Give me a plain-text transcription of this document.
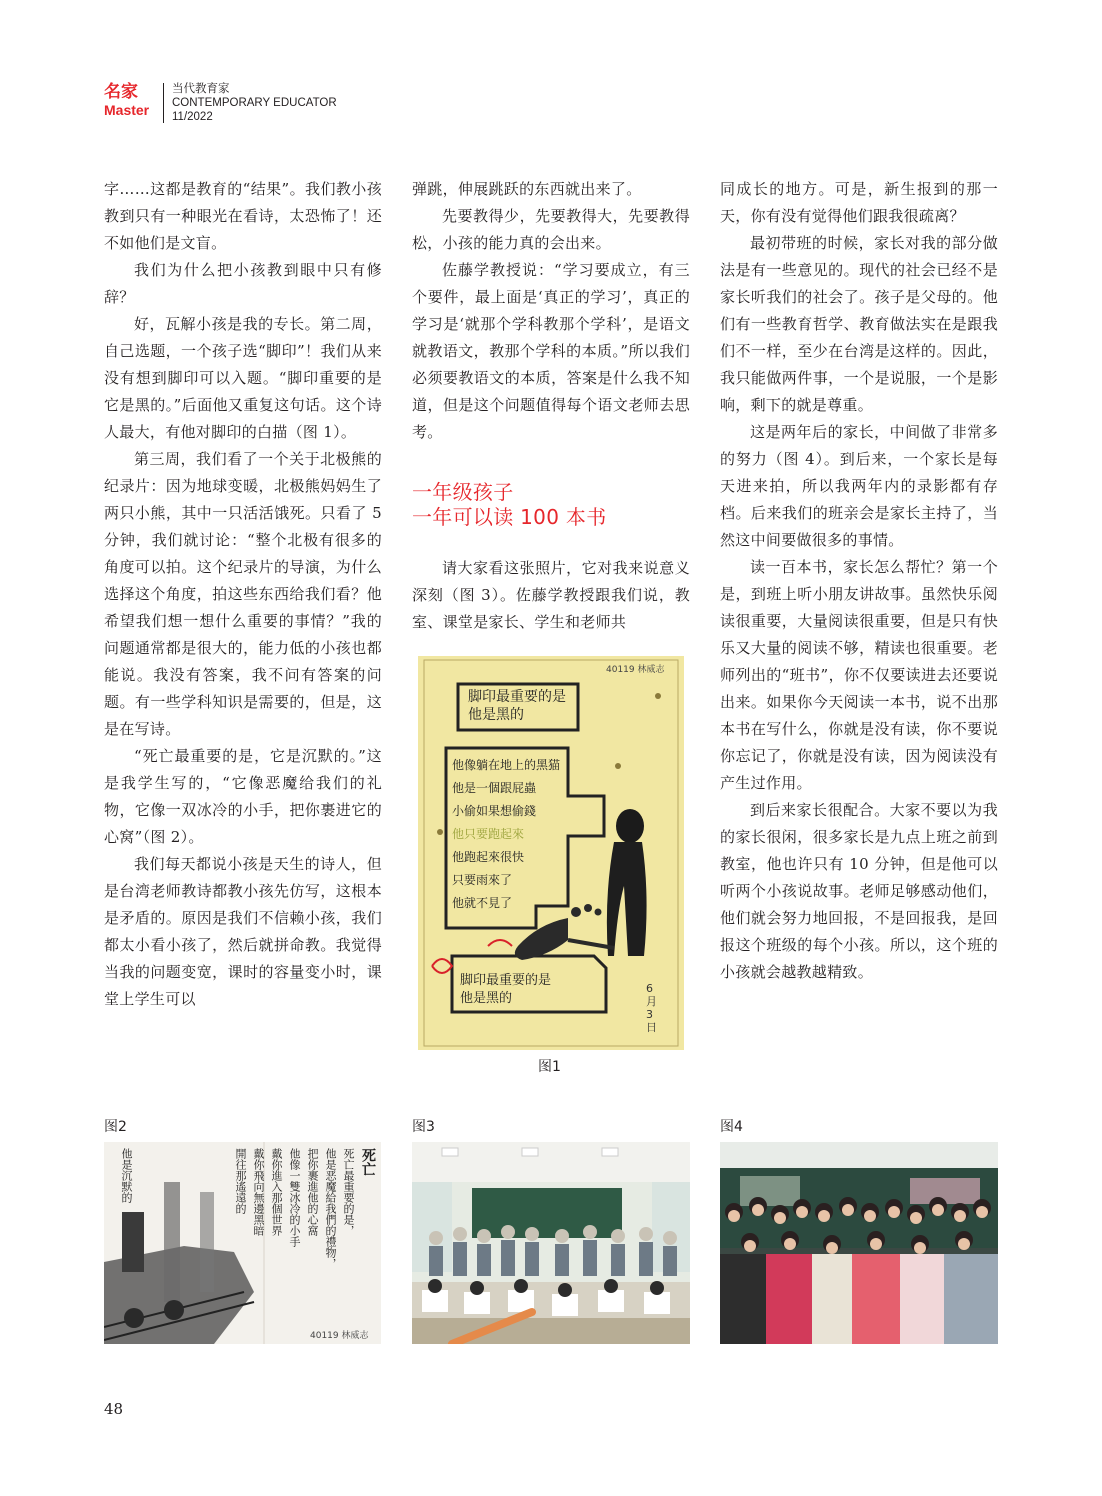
名家
Master
当代教育家
CONTEMPORARY EDUCATOR
11/2022

字……这都是教育的“结果”。我们教小孩教到只有一种眼光在看诗，太恐怖了！还不如他们是文盲。

我们为什么把小孩教到眼中只有修辞？

好，瓦解小孩是我的专长。第二周，自己选题，一个孩子选“脚印”！我们从来没有想到脚印可以入题。“脚印重要的是它是黑的。”后面他又重复这句话。这个诗人最大，有他对脚印的白描（图 1）。

第三周，我们看了一个关于北极熊的纪录片：因为地球变暖，北极熊妈妈生了两只小熊，其中一只活活饿死。只看了 5 分钟，我们就讨论：“整个北极有很多的角度可以拍。这个纪录片的导演，为什么选择这个角度，拍这些东西给我们看？他希望我们想一想什么重要的事情？”我的问题通常都是很大的，能力低的小孩也都能说。我没有答案，我不问有答案的问题。有一些学科知识是需要的，但是，这是在写诗。

“死亡最重要的是，它是沉默的。”这是我学生写的，“它像恶魔给我们的礼物，它像一双冰冷的小手，把你裹进它的心窝”（图 2）。

我们每天都说小孩是天生的诗人，但是台湾老师教诗都教小孩先仿写，这根本是矛盾的。原因是我们不信赖小孩，我们都太小看小孩了，然后就拼命教。我觉得当我的问题变宽，课时的容量变小时，课堂上学生可以

弹跳，伸展跳跃的东西就出来了。

先要教得少，先要教得大，先要教得松，小孩的能力真的会出来。

佐藤学教授说：“学习要成立，有三个要件，最上面是‘真正的学习’，真正的学习是‘就那个学科教那个学科’，是语文就教语文，教那个学科的本质。”所以我们必须要教语文的本质，答案是什么我不知道，但是这个问题值得每个语文老师去思考。

一年级孩子
一年可以读 100 本书

请大家看这张照片，它对我来说意义深刻（图 3）。佐藤学教授跟我们说，教室、课堂是家长、学生和老师共

同成长的地方。可是，新生报到的那一天，你有没有觉得他们跟我很疏离？

最初带班的时候，家长对我的部分做法是有一些意见的。现代的社会已经不是家长听我们的社会了。孩子是父母的。他们有一些教育哲学、教育做法实在是跟我们不一样，至少在台湾是这样的。因此，我只能做两件事，一个是说服，一个是影响，剩下的就是尊重。

这是两年后的家长，中间做了非常多的努力（图 4）。到后来，一个家长是每天进来拍，所以我两年内的录影都有存档。后来我们的班亲会是家长主持了，当然这中间要做很多的事情。

读一百本书，家长怎么帮忙？第一个是，到班上听小朋友讲故事。虽然快乐阅读很重要，大量阅读很重要，但是只有快乐又大量的阅读不够，精读也很重要。老师列出的“班书”，你不仅要读进去还要说出来。如果你今天阅读一本书，说不出那本书在写什么，你就是没有读，你不要说你忘记了，你就是没有读，因为阅读没有产生过作用。

到后来家长很配合。大家不要以为我的家长很闲，很多家长是九点上班之前到教室，他也许只有 10 分钟，但是他可以听两个小孩说故事。老师足够感动他们，他们就会努力地回报，不是回报我，是回报这个班级的每个小孩。所以，这个班的小孩就会越教越精致。

脚印最重要的是
他是黑的
他像躺在地上的黑猫
他是一個跟屁蟲
小偷如果想偷錢
他只要跑起來
他跑起來很快
只要雨來了
他就不見了
脚印最重要的是
他是黑的
40119 林威志
6月3日
图1
图2	图3	图4
死亡
死亡最重要的是，
他是恶魔給我們的禮物，
把你裹進他的心窩
他像一雙冰冷的小手
戴你進入那個世界
戴你飛向無邊黑暗
開往那遙遠的
他是沉默的
40119 林威志
48
